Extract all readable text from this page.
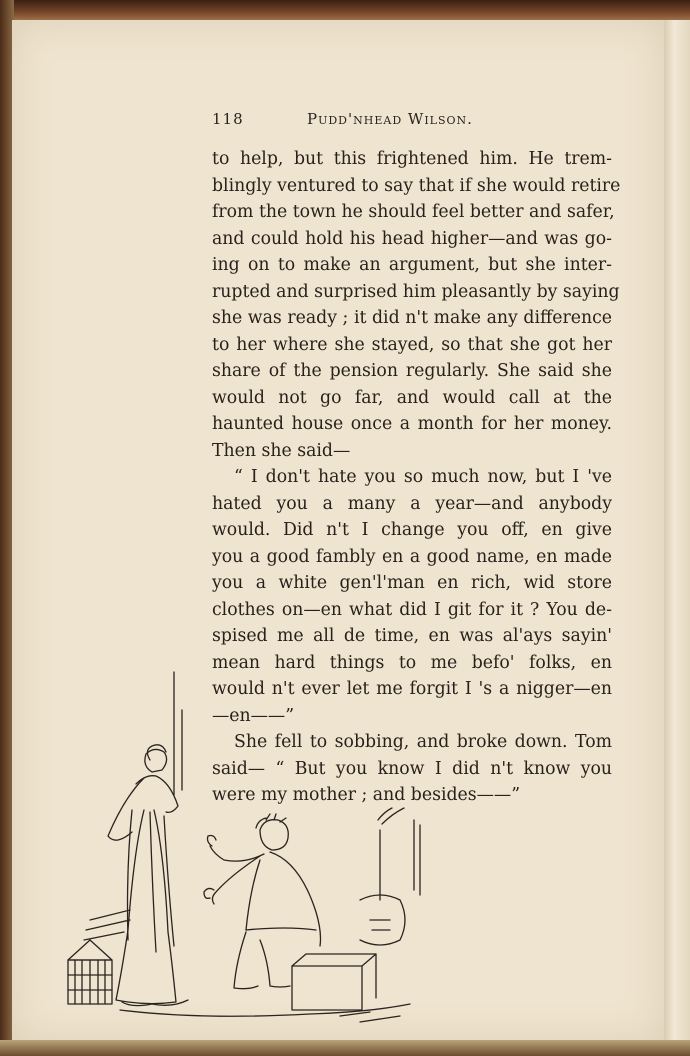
118	Pudd'nhead Wilson.
to help, but this frightened him. He trem-
blingly ventured to say that if she would retire
from the town he should feel better and safer,
and could hold his head higher—and was go-
ing on to make an argument, but she inter-
rupted and surprised him pleasantly by saying
she was ready ; it did n't make any difference
to her where she stayed, so that she got her
share of the pension regularly. She said she
would not go far, and would call at the
haunted house once a month for her money.
Then she said—
“ I don't hate you so much now, but I 've
hated you a many a year—and anybody
would. Did n't I change you off, en give
you a good fambly en a good name, en made
you a white gen'l'man en rich, wid store
clothes on—en what did I git for it ? You de-
spised me all de time, en was al'ays sayin'
mean hard things to me befo' folks, en
would n't ever let me forgit I 's a nigger—en
—en——”
She fell to sobbing, and broke down. Tom
said— “ But you know I did n't know you
were my mother ; and besides——”
